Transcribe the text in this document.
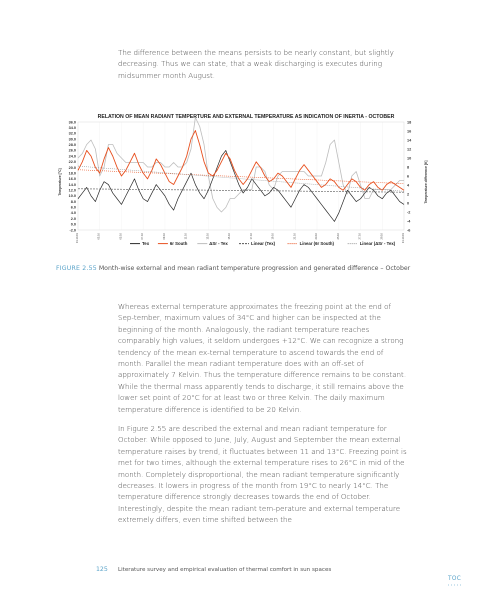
The difference between the means persists to be nearly constant, but slightly decreasing. Thus we can state, that a weak discharging is executes during midsummer month August.

RELATION OF MEAN RADIANT TEMPERTURE AND EXTERNAL TEMPERATURE AS INDICATION OF INERTIA - OCTOBER
36.0
34.0
32.0
30.0
28.0
26.0
24.0
22.0
20.0
18.0
16.0
14.0
12.0
10.0
8.0
6.0
4.0
2.0
0.0
-2.0
18
16
14
12
10
8
6
4
2
0
-2
-4
-6
01.10.19	03.10	05.10	07.10	09.10	11.10	13.10	15.10	17.10	19.10	21.10	23.10	25.10	27.10	29.10	31.10.19
Temperature [°C]	Temperature difference [K]
Tex	6r South	ΔSr - Tex	Linear (Tex)	Linear (6r South)	Linear (ΔSr - Tex)

FIGURE 2.55 Month-wise external and mean radiant temperature progression and generated difference – October

Whereas external temperature approximates the freezing point at the end of Sep-tember, maximum values of 34°C and higher can be inspected at the beginning of the month. Analogously, the radiant temperature reaches comparably high values, it seldom undergoes +12°C. We can recognize a strong tendency of the mean ex-ternal temperature to ascend towards the end of month. Parallel the mean radiant temperature does with an off-set of approximately 7 Kelvin. Thus the temperature difference remains to be constant. While the thermal mass apparently tends to discharge, it still remains above the lower set point of 20°C for at least two or three Kelvin. The daily maximum temperature difference is identified to be 20 Kelvin.

In Figure 2.55 are described the external and mean radiant temperature for October. While opposed to June, July, August and September the mean external temperature raises by trend, it fluctuates between 11 and 13°C. Freezing point is met for two times, although the external temperature rises to 26°C in mid of the month. Completely disproportional, the mean radiant temperature significantly decreases. It lowers in progress of the month from 19°C to nearly 14°C. The temperature difference strongly decreases towards the end of October. Interestingly, despite the mean radiant tem-perature and external temperature extremely differs, even time shifted between the

125 Literature survey and empirical evaluation of thermal comfort in sun spaces
TOC
